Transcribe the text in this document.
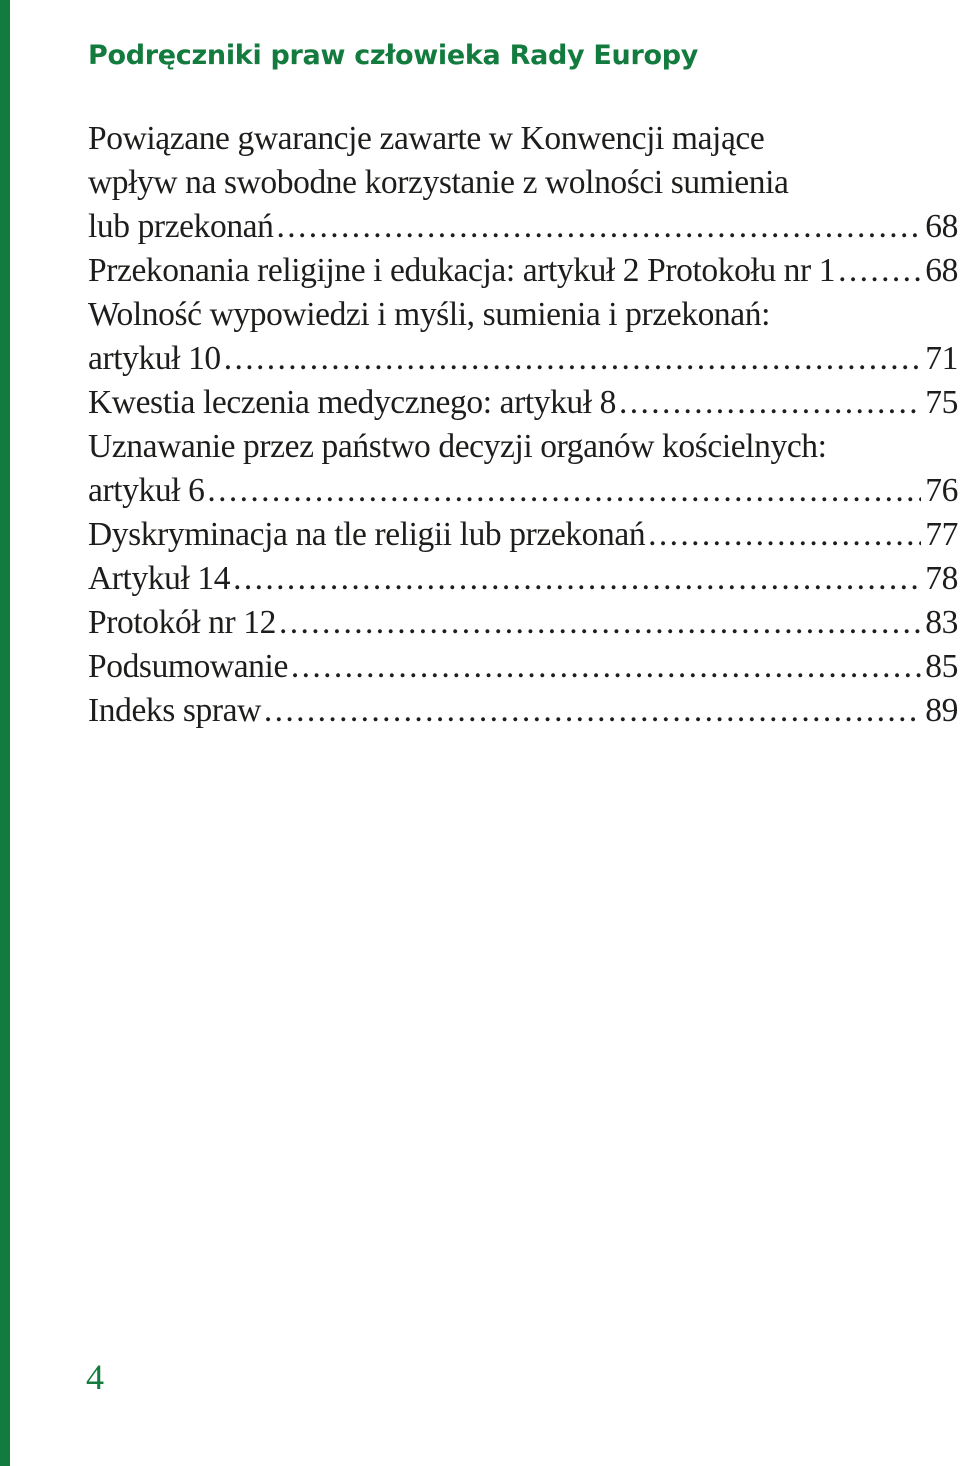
Podręczniki praw człowieka Rady Europy
Powiązane gwarancje zawarte w Konwencji mające
wpływ na swobodne korzystanie z wolności sumienia
lub przekonań . . .	68
Przekonania religijne i edukacja: artykuł 2 Protokołu nr 1 . . .	68
Wolność wypowiedzi i myśli, sumienia i przekonań:
artykuł 10 . . .	71
Kwestia leczenia medycznego: artykuł 8 . . .	75
Uznawanie przez państwo decyzji organów kościelnych:
artykuł 6 . . .	76
Dyskryminacja na tle religii lub przekonań . . .	77
Artykuł 14 . . .	78
Protokół nr 12 . . .	83
Podsumowanie . . .	85
Indeks spraw . . .	89
4
